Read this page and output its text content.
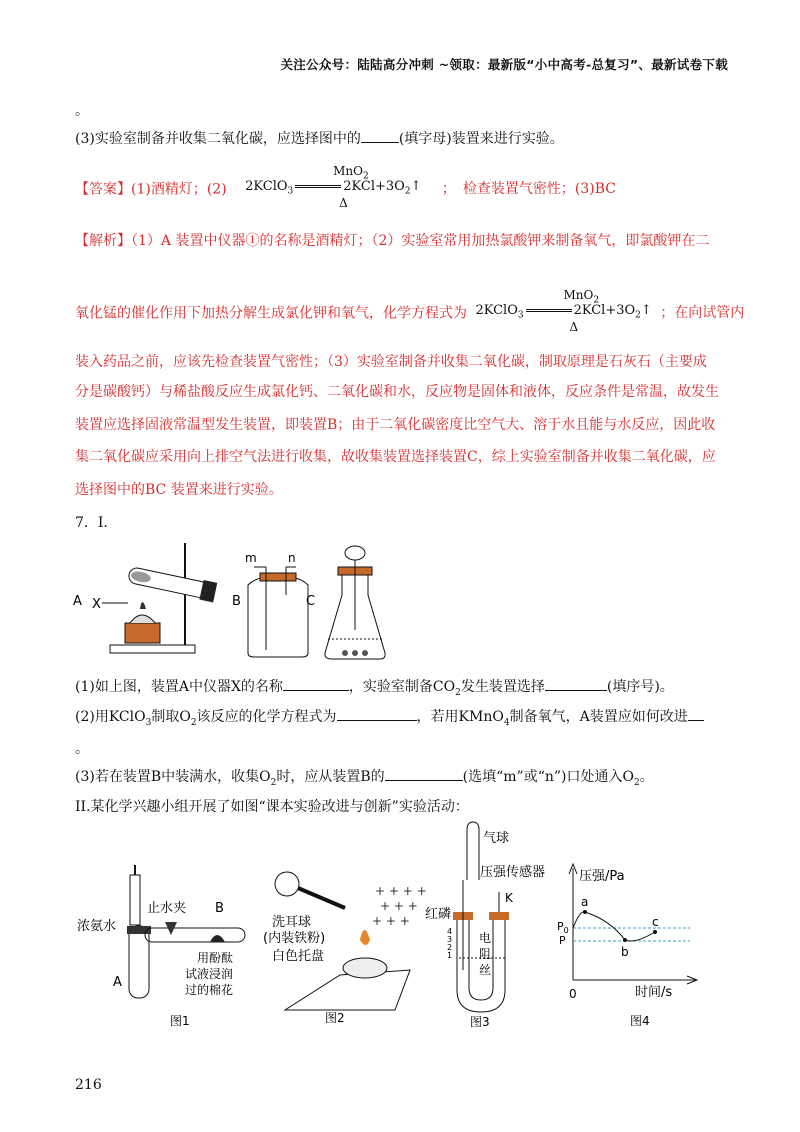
关注公众号：陆陆高分冲刺 ~领取：最新版“小中高考-总复习”、最新试卷下载
。
(3)实验室制备并收集二氧化碳，应选择图中的	(填字母)装置来进行实验。
【答案】(1)酒精灯；(2)
MnO$_2$
2KClO$_3$	$2KCl+3O_2↑$
Δ
；　检查装置气密性；(3)BC
【解析】（1）A 装置中仪器①的名称是酒精灯；（2）实验室常用加热氯酸钾来制备氧气，即氯酸钾在二
氧化锰的催化作用下加热分解生成氯化钾和氧气，化学方程式为
MnO$_2$
2KClO$_3$	$2KCl+3O_2↑$
Δ
；在向试管内
装入药品之前，应该先检查装置气密性；（3）实验室制备并收集二氧化碳，制取原理是石灰石（主要成
分是碳酸钙）与稀盐酸反应生成氯化钙、二氧化碳和水，反应物是固体和液体，反应条件是常温，故发生
装置应选择固液常温型发生装置，即装置B；由于二氧化碳密度比空气大、溶于水且能与水反应，因此收
集二氧化碳应采用向上排空气法进行收集，故收集装置选择装置C，综上实验室制备并收集二氧化碳，应
选择图中的BC 装置来进行实验。
7．I.
A X	B
m	n
C
(1)如上图，装置A中仪器X的名称	，实验室制备$CO_2$发生装置选择	(填序号)。
(2)用KClO$_3$制取$O_2$该反应的化学方程式为	，若用KMnO$_4$制备氧气，A装置应如何改进
。
(3)若在装置B中装满水，收集$O_2$时，应从装置B的	(选填“m”或“n”)口处通入$O_2$。
II.某化学兴趣小组开展了如图“课本实验改进与创新”实验活动：
浓氨水
止水夹 B
A
用酚酞
试液浸润
过的棉花
图1
洗耳球
(内装铁粉)
白色托盘
+ + + +
+ + +
+ + +
图2
气球
压强传感器
K
红磷
电
阻
丝
4
3
2
1
图3
压强/Pa
时间/s
0
$P_0$
P
a
b
c
图4
216
